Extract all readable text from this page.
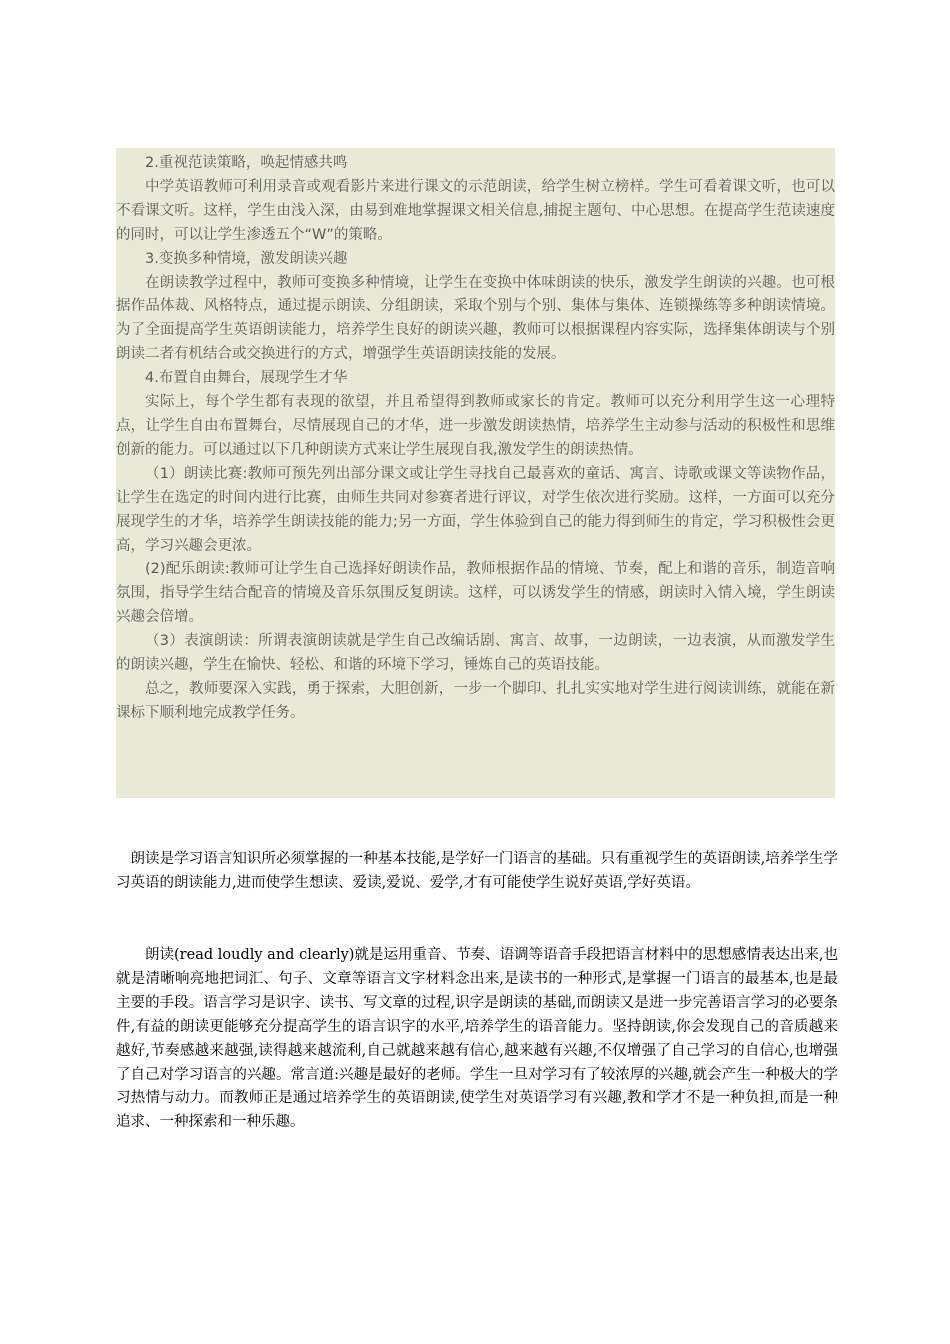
2.重视范读策略，唤起情感共鸣

中学英语教师可利用录音或观看影片来进行课文的示范朗读，给学生树立榜样。学生可看着课文听，也可以不看课文听。这样，学生由浅入深，由易到难地掌握课文相关信息,捕捉主题句、中心思想。在提高学生范读速度的同时，可以让学生渗透五个“W”的策略。

3.变换多种情境，激发朗读兴趣

在朗读教学过程中，教师可变换多种情境，让学生在变换中体味朗读的快乐，激发学生朗读的兴趣。也可根据作品体裁、风格特点，通过提示朗读、分组朗读，采取个别与个别、集体与集体、连锁操练等多种朗读情境。为了全面提高学生英语朗读能力，培养学生良好的朗读兴趣，教师可以根据课程内容实际，选择集体朗读与个别朗读二者有机结合或交换进行的方式，增强学生英语朗读技能的发展。

4.布置自由舞台，展现学生才华

实际上，每个学生都有表现的欲望，并且希望得到教师或家长的肯定。教师可以充分利用学生这一心理特点，让学生自由布置舞台，尽情展现自己的才华，进一步激发朗读热情，培养学生主动参与活动的积极性和思维创新的能力。可以通过以下几种朗读方式来让学生展现自我,激发学生的朗读热情。

（1）朗读比赛:教师可预先列出部分课文或让学生寻找自己最喜欢的童话、寓言、诗歌或课文等读物作品，让学生在选定的时间内进行比赛，由师生共同对参赛者进行评议，对学生依次进行奖励。这样，一方面可以充分展现学生的才华，培养学生朗读技能的能力;另一方面，学生体验到自己的能力得到师生的肯定，学习积极性会更高，学习兴趣会更浓。

(2)配乐朗读:教师可让学生自己选择好朗读作品，教师根据作品的情境、节奏，配上和谐的音乐，制造音响氛围，指导学生结合配音的情境及音乐氛围反复朗读。这样，可以诱发学生的情感，朗读时入情入境，学生朗读兴趣会倍增。

（3）表演朗读：所谓表演朗读就是学生自己改编话剧、寓言、故事，一边朗读，一边表演，从而激发学生的朗读兴趣，学生在愉快、轻松、和谐的环境下学习，锤炼自己的英语技能。

总之，教师要深入实践，勇于探索，大胆创新，一步一个脚印、扎扎实实地对学生进行阅读训练，就能在新课标下顺利地完成教学任务。

朗读是学习语言知识所必须掌握的一种基本技能,是学好一门语言的基础。只有重视学生的英语朗读,培养学生学习英语的朗读能力,进而使学生想读、爱读,爱说、爱学,才有可能使学生说好英语,学好英语。

朗读(read loudly and clearly)就是运用重音、节奏、语调等语音手段把语言材料中的思想感情表达出来,也就是清晰响亮地把词汇、句子、文章等语言文字材料念出来,是读书的一种形式,是掌握一门语言的最基本,也是最主要的手段。语言学习是识字、读书、写文章的过程,识字是朗读的基础,而朗读又是进一步完善语言学习的必要条件,有益的朗读更能够充分提高学生的语言识字的水平,培养学生的语音能力。坚持朗读,你会发现自己的音质越来越好,节奏感越来越强,读得越来越流利,自己就越来越有信心,越来越有兴趣,不仅增强了自己学习的自信心,也增强了自己对学习语言的兴趣。常言道:兴趣是最好的老师。学生一旦对学习有了较浓厚的兴趣,就会产生一种极大的学习热情与动力。而教师正是通过培养学生的英语朗读,使学生对英语学习有兴趣,教和学才不是一种负担,而是一种追求、一种探索和一种乐趣。
